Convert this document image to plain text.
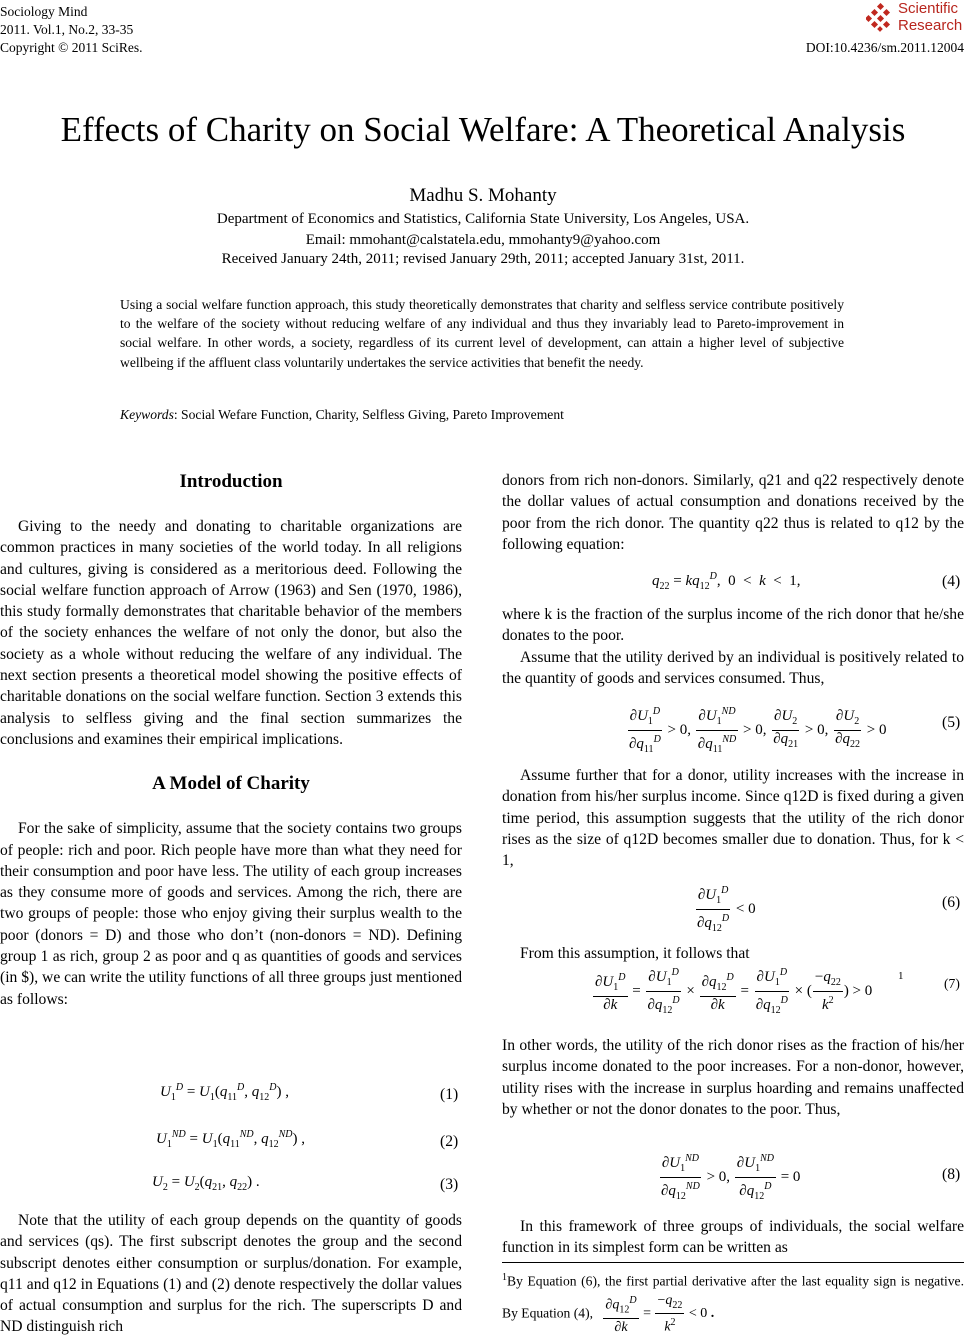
Sociology Mind
2011. Vol.1, No.2, 33-35
Copyright © 2011 SciRes.	DOI:10.4236/sm.2011.12004
Scientific
Research
Effects of Charity on Social Welfare: A Theoretical Analysis
Madhu S. Mohanty
Department of Economics and Statistics, California State University, Los Angeles, USA.
Email: mmohant@calstatela.edu, mmohanty9@yahoo.com
Received January 24th, 2011; revised January 29th, 2011; accepted January 31st, 2011.
Using a social welfare function approach, this study theoretically demonstrates that charity and selfless service contribute positively to the welfare of the society without reducing welfare of any individual and thus they invariably lead to Pareto-improvement in social welfare. In other words, a society, regardless of its current level of development, can attain a higher level of subjective wellbeing if the affluent class voluntarily undertakes the service activities that benefit the needy.
Keywords: Social Wefare Function, Charity, Selfless Giving, Pareto Improvement
Introduction

Giving to the needy and donating to charitable organizations are common practices in many societies of the world today. In all religions and cultures, giving is considered as a meritorious deed. Following the social welfare function approach of Arrow (1963) and Sen (1970, 1986), this study formally demonstrates that charitable behavior of the members of the society enhances the welfare of not only the donor, but also the society as a whole without reducing the welfare of any individual. The next section presents a theoretical model showing the positive effects of charitable donations on the social welfare function. Section 3 extends this analysis to selfless giving and the final section summarizes the conclusions and examines their empirical implications.

A Model of Charity

For the sake of simplicity, assume that the society contains two groups of people: rich and poor. Rich people have more than what they need for their consumption and poor have less. The utility of each group increases as they consume more of goods and services. Among the rich, there are two groups of people: those who enjoy giving their surplus wealth to the poor (donors = D) and those who don’t (non-donors = ND). Defining group 1 as rich, group 2 as poor and q as quantities of goods and services (in $), we can write the utility functions of all three groups just mentioned as follows:

$U_1^D = U_1(q_{11}^D$, $q_{12}^D$) ,	(1)
$U_1^{ND} = U_1(q_{11}^{ND}$, $q_{12}^{ND}$) ,	(2)
$U_2 = U_2(q_{21}$, $q_{22}$) .	(3)

Note that the utility of each group depends on the quantity of goods and services (qs). The first subscript denotes the group and the second subscript denotes either consumption or surplus/donation. For example, q11 and q12 in Equations (1) and (2) denote respectively the dollar values of actual consumption and surplus for the rich. The superscripts D and ND distinguish rich

donors from rich non-donors. Similarly, q21 and q22 respectively denote the dollar values of actual consumption and donations received by the poor from the rich donor. The quantity q22 thus is related to q12 by the following equation:

$q_{22} = kq_{12}^D$,  0  <  k  <  1,	(4)

where k is the fraction of the surplus income of the rich donor that he/she donates to the poor.

Assume that the utility derived by an individual is positively related to the quantity of goods and services consumed. Thus,

$\frac{\partial U_1^D}{\partial q_{11}^D} > 0$, $\frac{\partial U_1^{ND}}{\partial q_{11}^{ND}} > 0$, $\frac{\partial U_2}{\partial q_{21}} > 0$, $\frac{\partial U_2}{\partial q_{22}} > 0$	(5)

Assume further that for a donor, utility increases with the increase in donation from his/her surplus income. Since q12D is fixed during a given time period, this assumption suggests that the utility of the rich donor rises as the size of q12D becomes smaller due to donation. Thus, for k < 1,

$\frac{\partial U_1^D}{\partial q_{12}^D} < 0$	(6)

From this assumption, it follows that

$\frac{\partial U_1^D}{\partial k} = \frac{\partial U_1^D}{\partial q_{12}^D} \times \frac{\partial q_{12}^D}{\partial k} = \frac{\partial U_1^D}{\partial q_{12}^D}$ × ( $\frac{-q_{22}}{k^2}$ ) > 0
1	(7)

In other words, the utility of the rich donor rises as the fraction of his/her surplus income donated to the poor increases. For a non-donor, however, utility rises with the increase in surplus hoarding and remains unaffected by whether or not the donor donates to the poor. Thus,

$\frac{\partial U_1^{ND}}{\partial q_{12}^{ND}} > 0$, $\frac{\partial U_1^{ND}}{\partial q_{12}^D} = 0$	(8)

In this framework of three groups of individuals, the social welfare function in its simplest form can be written as

$^1$By Equation (6), the first partial derivative after the last equality sign is negative. By Equation (4), $\frac{\partial q_{12}^D}{\partial k} = \frac{-q_{22}}{k^2} < 0$ .
